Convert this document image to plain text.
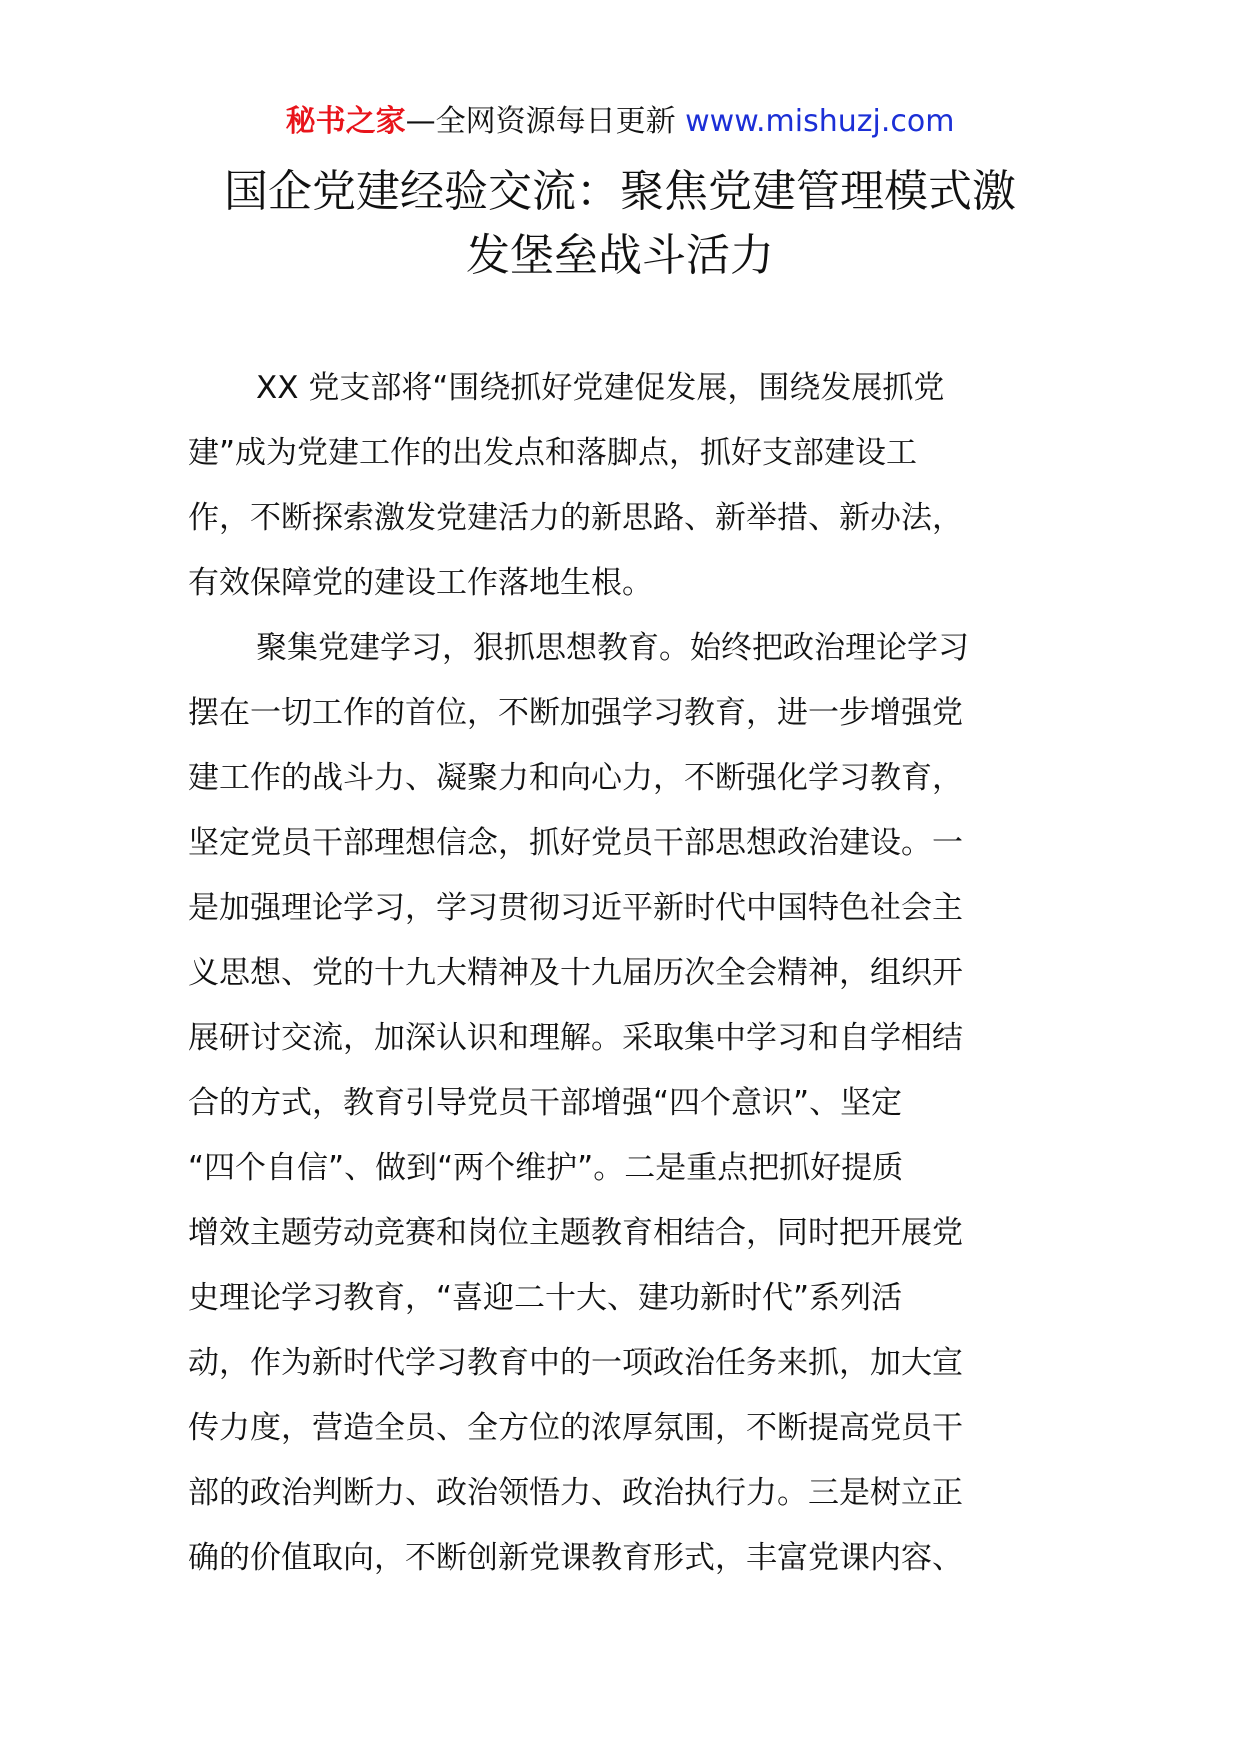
秘书之家—全网资源每日更新 www.mishuzj.com
国企党建经验交流：聚焦党建管理模式激
发堡垒战斗活力
XX 党支部将“围绕抓好党建促发展，围绕发展抓党
建”成为党建工作的出发点和落脚点，抓好支部建设工
作，不断探索激发党建活力的新思路、新举措、新办法，
有效保障党的建设工作落地生根。
聚集党建学习，狠抓思想教育。始终把政治理论学习
摆在一切工作的首位，不断加强学习教育，进一步增强党
建工作的战斗力、凝聚力和向心力，不断强化学习教育，
坚定党员干部理想信念，抓好党员干部思想政治建设。一
是加强理论学习，学习贯彻习近平新时代中国特色社会主
义思想、党的十九大精神及十九届历次全会精神，组织开
展研讨交流，加深认识和理解。采取集中学习和自学相结
合的方式，教育引导党员干部增强“四个意识”、坚定
“四个自信”、做到“两个维护”。二是重点把抓好提质
增效主题劳动竞赛和岗位主题教育相结合，同时把开展党
史理论学习教育，“喜迎二十大、建功新时代”系列活
动，作为新时代学习教育中的一项政治任务来抓，加大宣
传力度，营造全员、全方位的浓厚氛围，不断提高党员干
部的政治判断力、政治领悟力、政治执行力。三是树立正
确的价值取向，不断创新党课教育形式，丰富党课内容、
